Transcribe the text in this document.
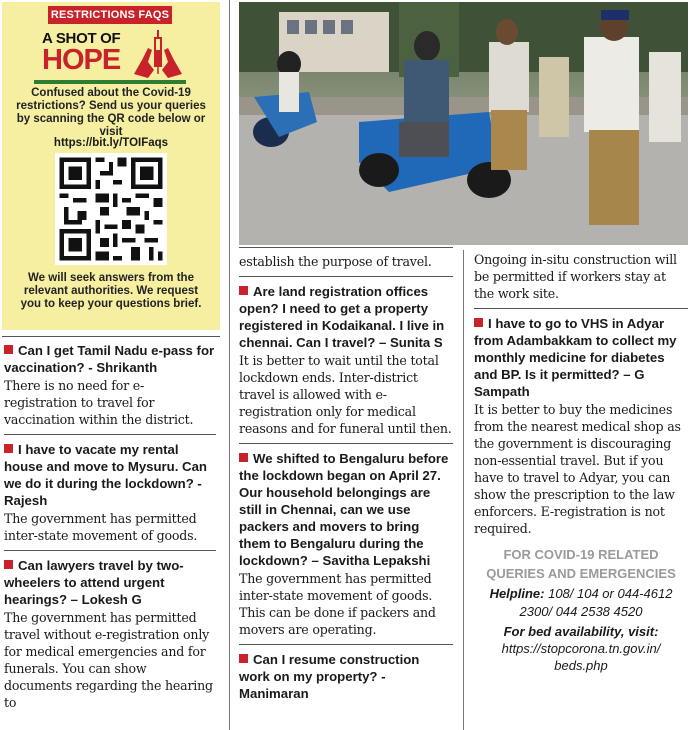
RESTRICTIONS FAQS
A SHOT OF
HOPE
Confused about the Covid-19 restrictions? Send us your queries by scanning the QR code below or visit
https://bit.ly/TOIFaqs
We will seek answers from the relevant authorities. We request you to keep your questions brief.
Can I get Tamil Nadu e-pass for vaccination? - Shrikanth
There is no need for e-registration to travel for vaccination within the district.
I have to vacate my rental house and move to Mysuru. Can we do it during the lockdown? - Rajesh
The government has permitted inter-state movement of goods.
Can lawyers travel by two-wheelers to attend urgent hearings? – Lokesh G
The government has permitted travel without e-registration only for medical emergencies and for funerals. You can show documents regarding the hearing to
establish the purpose of travel.
Are land registration offices open? I need to get a property registered in Kodaikanal. I live in chennai. Can I travel? – Sunita S
It is better to wait until the total lockdown ends. Inter-district travel is allowed with e-registration only for medical reasons and for funeral until then.
We shifted to Bengaluru before the lockdown began on April 27. Our household belongings are still in Chennai, can we use packers and movers to bring them to Bengaluru during the lockdown? – Savitha Lepakshi
The government has permitted inter-state movement of goods. This can be done if packers and movers are operating.
Can I resume construction work on my property? - Manimaran
Ongoing in-situ construction will be permitted if workers stay at the work site.
I have to go to VHS in Adyar from Adambakkam to collect my monthly medicine for diabetes and BP. Is it permitted? – G Sampath
It is better to buy the medicines from the nearest medical shop as the government is discouraging non-essential travel. But if you have to travel to Adyar, you can show the prescription to the law enforcers. E-registration is not required.
FOR COVID-19 RELATED QUERIES AND EMERGENCIES
Helpline: 108/ 104 or 044-4612 2300/ 044 2538 4520
For bed availability, visit:
https://stopcorona.tn.gov.in/ beds.php
